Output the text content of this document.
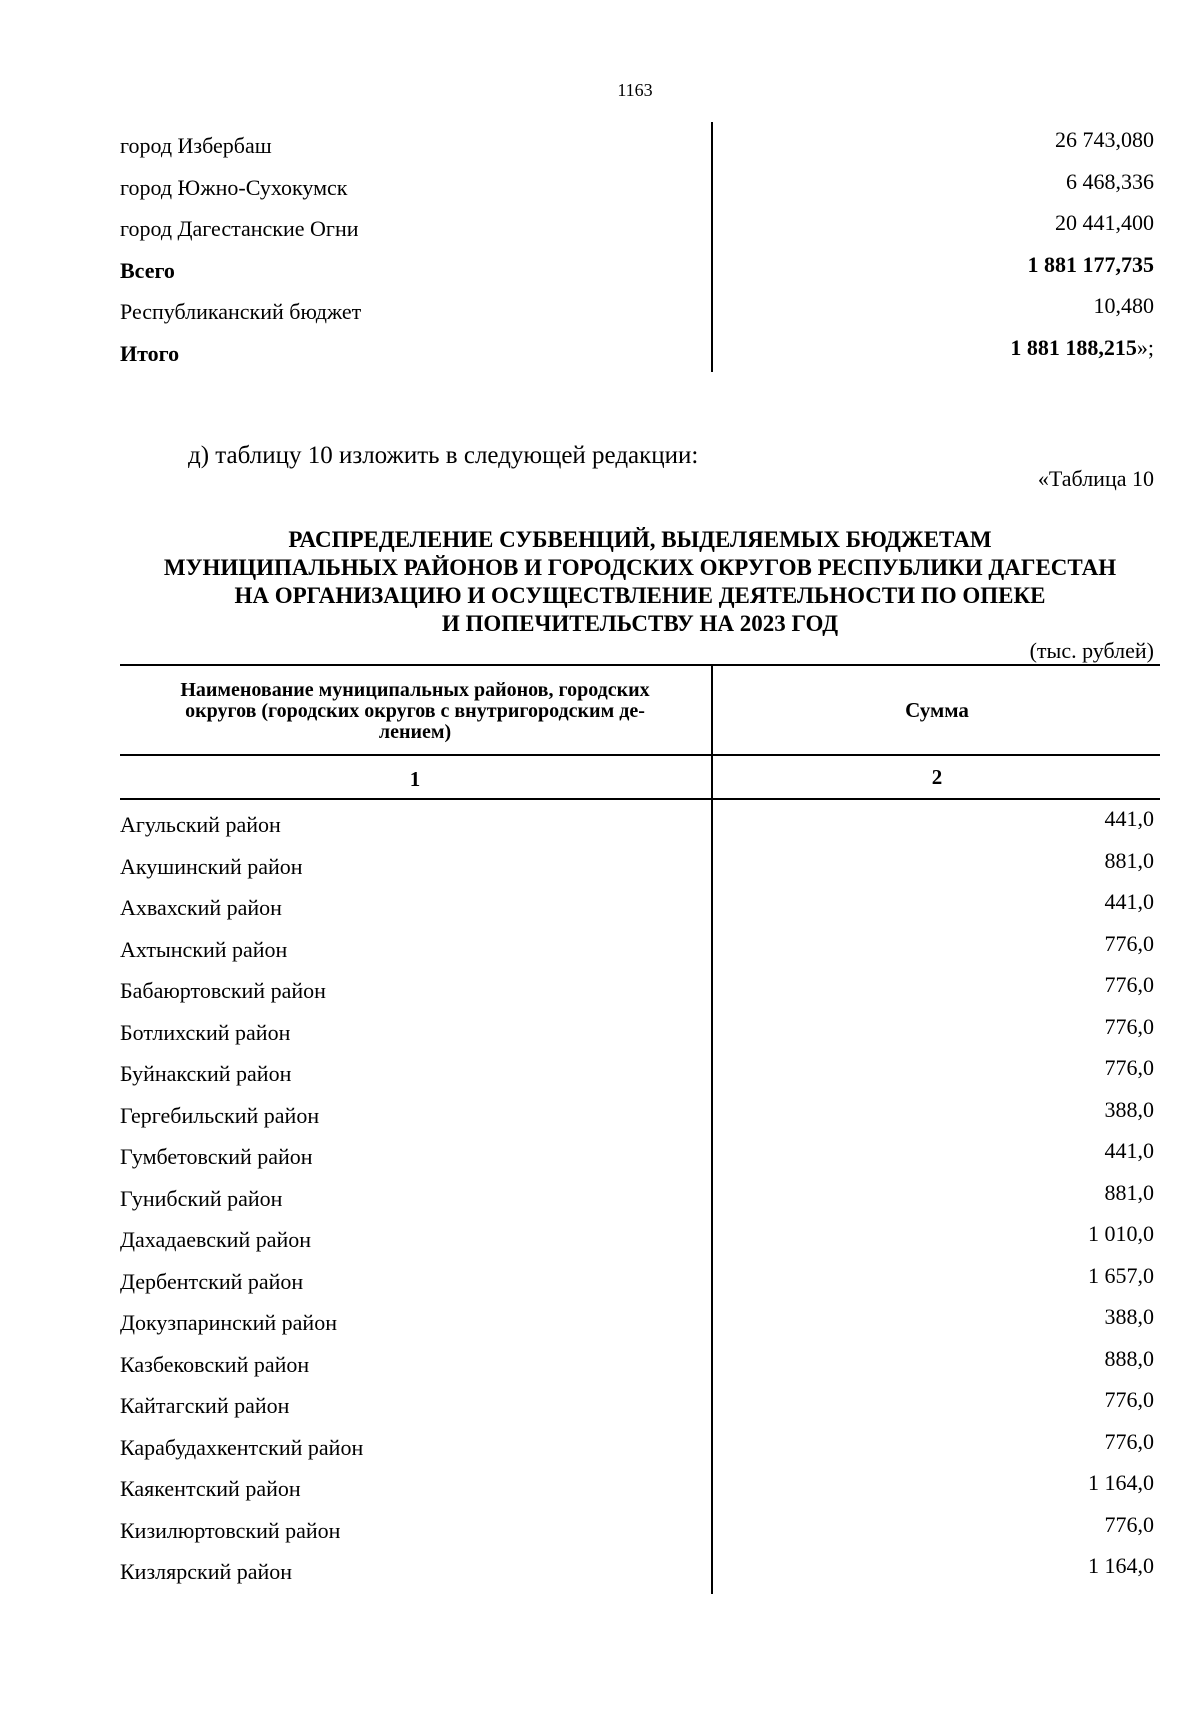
1163
город Избербаш	26 743,080
город Южно-Сухокумск	6 468,336
город Дагестанские Огни	20 441,400
Всего	1 881 177,735
Республиканский бюджет	10,480
Итого	1 881 188,215»;
д) таблицу 10 изложить в следующей редакции:
«Таблица 10
РАСПРЕДЕЛЕНИЕ СУБВЕНЦИЙ, ВЫДЕЛЯЕМЫХ БЮДЖЕТАМ
МУНИЦИПАЛЬНЫХ РАЙОНОВ И ГОРОДСКИХ ОКРУГОВ РЕСПУБЛИКИ ДАГЕСТАН
НА ОРГАНИЗАЦИЮ И ОСУЩЕСТВЛЕНИЕ ДЕЯТЕЛЬНОСТИ ПО ОПЕКЕ
И ПОПЕЧИТЕЛЬСТВУ НА 2023 ГОД
(тыс. рублей)
Наименование муниципальных районов, городских
округов (городских округов с внутригородским де-
лением)
Сумма
1	2
Агульский район	441,0
Акушинский район	881,0
Ахвахский район	441,0
Ахтынский район	776,0
Бабаюртовский район	776,0
Ботлихский район	776,0
Буйнакский район	776,0
Гергебильский район	388,0
Гумбетовский район	441,0
Гунибский район	881,0
Дахадаевский район	1 010,0
Дербентский район	1 657,0
Докузпаринский район	388,0
Казбековский район	888,0
Кайтагский район	776,0
Карабудахкентский район	776,0
Каякентский район	1 164,0
Кизилюртовский район	776,0
Кизлярский район	1 164,0
